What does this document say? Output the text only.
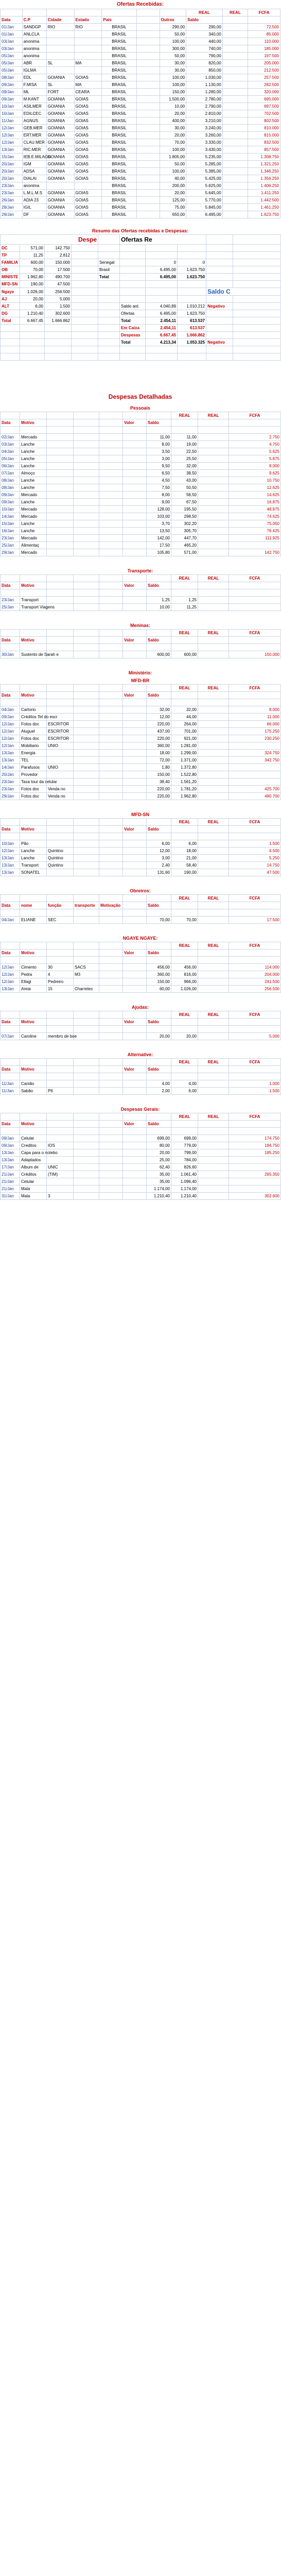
Ofertas Recebidas:
							REAL	REAL	FCFA
Data	C.P	Cidade	Estado	Pais		Outros	Saldo		
01/Jan	SANDGP	RIO	RIO	BRASIL		290,00	290,00		72.500
01/Jan	ANLCLA			BRASIL		50,00	340,00		85.000
03/Jan	anonima			BRASIL		100,00	440,00		110.000
03/Jan	anonima			BRASIL		300,00	740,00		185.000
05/Jan	anonima			BRASIL		50,00	790,00		197.500
05/Jan	ABR	SL	MA	BRASIL		30,00	820,00		205.000
05/Jan	IGLMA			BRASIL		30,00	850,00		212.500
08/Jan	EDL	GOIANIA	GOIAS	BRASIL		100,00	1.030,00		257.500
09/Jan	F.MISA	SL	MA	BRASIL		100,00	1.130,00		282.500
09/Jan	ML	FORT	CEARA	BRASIL		150,00	1.280,00		320.000
09/Jan	M.KANT	GOIANIA	GOIAS	BRASIL		1.500,00	2.780,00		695.000
10/Jan	ASILMER	GOIANIA	GOIAS	BRASIL		10,00	2.790,00		697.500
10/Jan	EDILCEC	GOIANIA	GOIAS	BRASIL		20,00	2.810,00		702.500
11/Jan	AGNUS	GOIANIA	GOIAS	BRASIL		400,00	3.210,00		802.500
12/Jan	GEB.MER	GOIANIA	GOIAS	BRASIL		30,00	3.240,00		810.000
12/Jan	ERT.MER	GOIANIA	GOIAS	BRASIL		20,00	3.260,00		815.000
12/Jan	CLAU.MER	GOIANIA	GOIAS	BRASIL		70,00	3.330,00		832.500
13/Jan	RIC.MER	GOIANIA	GOIAS	BRASIL		100,00	3.430,00		857.500
15/Jan	IEB.E.MILAGR	GOIANIA	GOIAS	BRASIL		1.805,00	5.235,00		1.308.750
20/Jan	IGM	GOIANIA	GOIAS	BRASIL		50,00	5.285,00		1.321.250
20/Jan	ADSA	GOIANIA	GOIAS	BRASIL		100,00	5.385,00		1.346.250
20/Jan	DIALAI	GOIANIA	GOIAS	BRASIL		40,00	5.425,00		1.356.250
23/Jan	anonima			BRASIL		200,00	5.625,00		1.406.250
23/Jan	L.M.L.M.S	GOIANIA	GOIAS	BRASIL		20,00	5.645,00		1.411.250
26/Jan	ADIA 23	GOIANIA	GOIAS	BRASIL		125,00	5.770,00		1.442.500
28/Jan	IGIL	GOIANIA	GOIAS	BRASIL		75,00	5.845,00		1.461.250
29/Jan	DF	GOIANIA	GOIAS	BRASIL		650,00	6.495,00		1.623.750
Resumo das Ofertas recebidas e Despesas:
Despe					Ofertas Re				
DC	571,00	142.750							
TP	11,25	2.812							
FAMILIA	600,00	150.000		Senegal		0	0		
OB	70,00	17.500		Brasil		6.495,00	1.623.750		
MINISTE	1.962,80	490.700		Total		6.495,00	1.623.750		
MFD-SN	190,00	47.500							
Ngaye	1.026,00	256.500						Saldo C	
AJ	20,00	5.000							
ALT	6,00	1.500			Saldo ant.	4.040,89	1.010.212	Negativo	
DG	1.210,40	302.600			Ofertas	6.495,00	1.623.750		
Total	6.667,45	1.666.862			Total	2.454,11	613.537		
					Em Caixa	2.454,11	613.537		
					Despesas	6.667,45	1.666.862		
					Total	4.213,34	1.053.325	Negativo	

Despesas Detalhadas
Pessoais
							REAL	REAL	FCFA
Data	Motivo				Valor	Saldo			

02/Jan	Mercado					11,00	11,00		2.750
03/Jan	Lanche					8,00	19,00		4.750
04/Jan	Lanche					3,50	22,50		5.625
05/Jan	Lanche					3,00	25,50		5.875
06/Jan	Lanche					9,50	32,00		8.000
07/Jan	Almoço					6,50	38,50		9.625
08/Jan	Lanche					4,50	43,00		10.750
08/Jan	Lanche					7,50	50,50		12.625
09/Jan	Mercado					8,00	58,50		14.625
09/Jan	Lanche					9,00	67,50		16.875
10/Jan	Mercado					128,00	195,50		48.875
14/Jan	Mercado					103,00	298,50		74.625
15/Jan	Lanche					3,70	302,20		75.050
16/Jan	Lanche					13,50	305,70		76.425
23/Jan	Mercado					142,00	447,70		111.925
25/Jan	Alimentaç					17,50	465,20		
29/Jan	Mercado					105,80	571,00		142.750
Transporte:
							REAL	REAL	FCFA
Data	Motivo				Valor	Saldo			

23/Jan	Transport					1,25	1,25		
25/Jan	Transport Viagens					10,00	11,25		
Meninas:
							REAL	REAL	FCFA
Data	Motivo				Valor	Saldo			

30/Jan	Sustento de Sarah e					600,00	600,00		150.000
Ministério:
MFD-BR
							REAL	REAL	FCFA
Data	Motivo				Valor	Saldo			

04/Jan	Cartorio					32,00	32,00		8.000
09/Jan	Créditos Tel do escr					12,00	44,00		11.000
12/Jan	Fotos doc	ESCRITOR				220,00	264,00		66.000
12/Jan	Aluguel	ESCRITOR				437,00	701,00		175.250
12/Jan	Fotos doc	ESCRITOR				220,00	921,00		230.250
12/Jan	Mobiliario	UNIO				360,00	1.281,00		
13/Jan	Energia					18,00	1.299,00		324.750
13/Jan	TEL					72,00	1.371,00		342.750
14/Jan	Parafusos	UNIO				1,80	1.372,80		
20/Jan	Provedor					150,00	1.522,80		
23/Jan	Taxa tour da celular					38,40	1.561,20		
23/Jan	Fotos doc	Venda no				220,00	1.781,20		425.700
29/Jan	Fotos doc	Venda no				220,00	1.962,80		490.700
MFD-SN
							REAL	REAL	FCFA
Data	Motivo				Valor	Saldo			

10/Jan	Pão					6,00	6,00		1.500
12/Jan	Lanche	Quintino				12,00	18,00		4.500
13/Jan	Lanche	Quintino				3,00	21,00		5.250
13/Jan	Transport	Quintino				2,40	58,40		14.750
13/Jan	SONATEL					131,60	190,00		47.500
Obreiros:
							REAL	REAL	FCFA
Data	nome	função	transporte	Motivação		Saldo			

04/Jan	ELIANE	SEC				70,00	70,00		17.500
NGAYE NGAYE:
							REAL	REAL	FCFA
Data	Motivo				Valor	Saldo			

12/Jan	Cimento	30	SACS			456,00	456,00		114.000
12/Jan	Pedra	4	M3			360,00	816,00		204.000
12/Jan	Ellagi	Pedreiro				150,00	966,00		241.500
13/Jan	Areia	15	Charretes			60,00	1.026,00		256.500
Ajudas:
							REAL	REAL	FCFA
Data	Motivo				Valor	Saldo			

07/Jan	Caroline	membro de boe				20,00	20,00		5.000
Alternative:
							REAL	REAL	FCFA
Data	Motivo				Valor	Saldo			

11/Jan	Canião					4,00	4,00		1.000
11/Jan	Sabão	P6				2,00	6,00		1.500
Despesas Gerais:
							REAL	REAL	FCFA
Data	Motivo				Valor	Saldo			

09/Jan	Celular					699,00	699,00		174.750
09/Jan	Creditos	IOS				80,00	779,00		184.750
13/Jan	Capa para o notebo					20,00	799,00		185.250
13/Jan	Adaptados					25,00	784,00		
17/Jan	Album de	UNIC				62,40	826,60		
21/Jan	Créditos	(TIM)				35,00	1.061,40		265.350
21/Jan	Celular					35,00	1.096,40		
21/Jan	Mala					1.174,00	1.174,00		
31/Jan	Mala	3				1.210,40	1.210,40		302.600
